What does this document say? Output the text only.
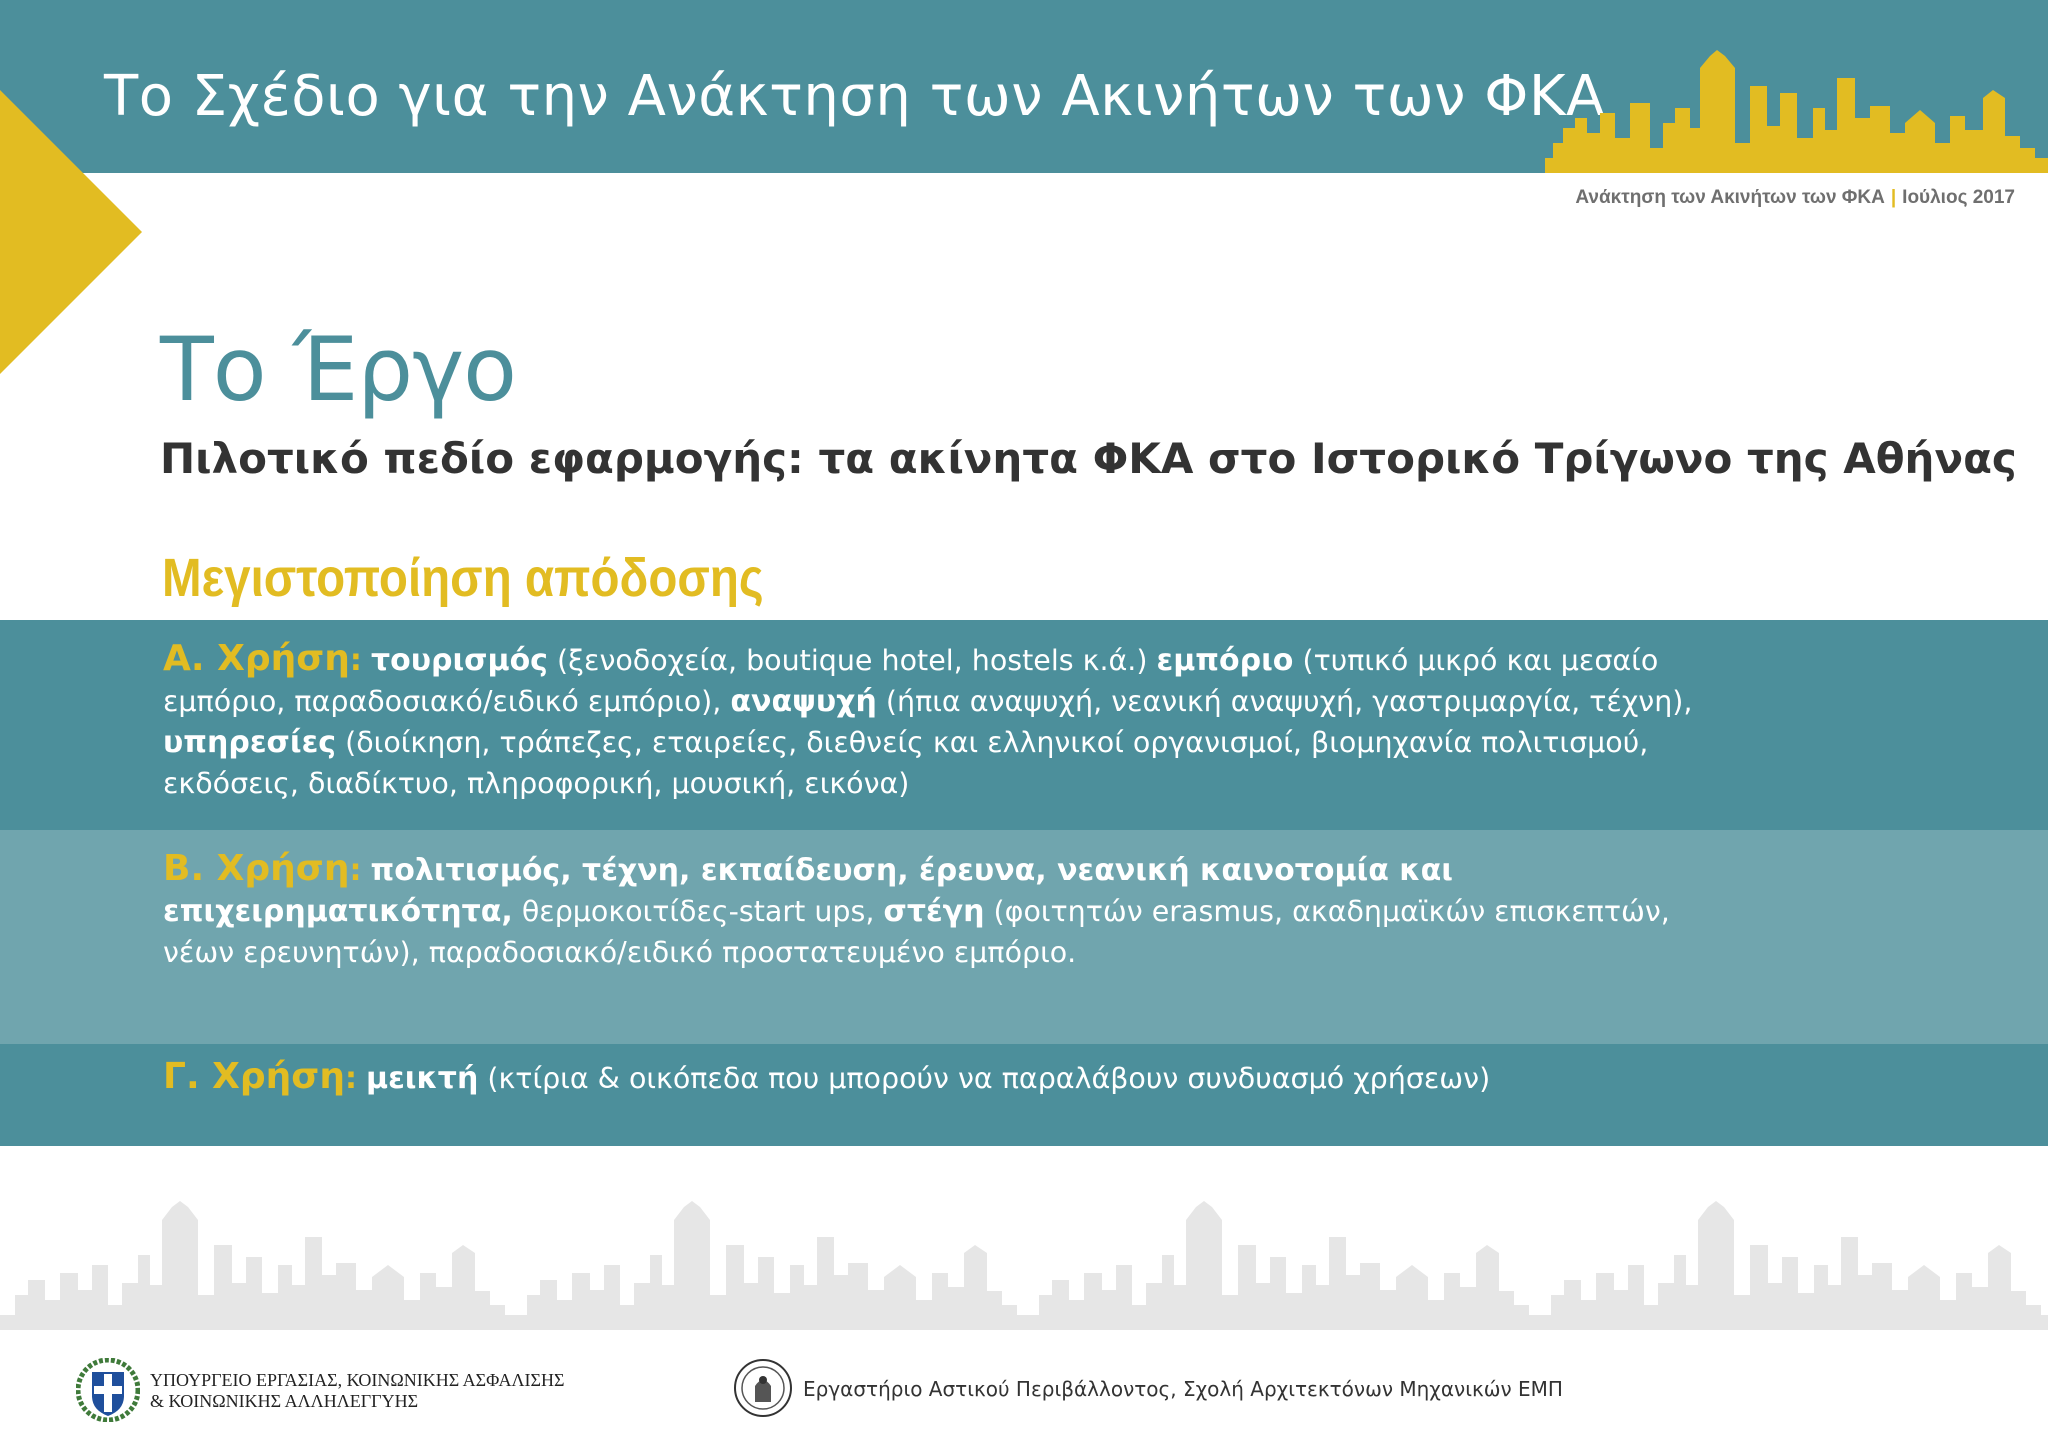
Το Σχέδιο για την Ανάκτηση των Ακινήτων των ΦΚΑ
Ανάκτηση των Ακινήτων των ΦΚΑ | Ιούλιος 2017
Το Έργο
Πιλοτικό πεδίο εφαρμογής: τα ακίνητα ΦΚΑ στο Ιστορικό Τρίγωνο της Αθήνας
Μεγιστοποίηση απόδοσης
Α. Χρήση: τουρισμός (ξενοδοχεία, boutique hotel, hostels κ.ά.) εμπόριο (τυπικό μικρό και μεσαίο εμπόριο, παραδοσιακό/ειδικό εμπόριο), αναψυχή (ήπια αναψυχή, νεανική αναψυχή, γαστριμαργία, τέχνη), υπηρεσίες (διοίκηση, τράπεζες, εταιρείες, διεθνείς και ελληνικοί οργανισμοί, βιομηχανία πολιτισμού, εκδόσεις, διαδίκτυο, πληροφορική, μουσική, εικόνα)
Β. Χρήση: πολιτισμός, τέχνη, εκπαίδευση, έρευνα, νεανική καινοτομία και επιχειρηματικότητα, θερμοκοιτίδες-start ups, στέγη (φοιτητών erasmus, ακαδημαϊκών επισκεπτών, νέων ερευνητών), παραδοσιακό/ειδικό προστατευμένο εμπόριο.
Γ. Χρήση: μεικτή (κτίρια & οικόπεδα που μπορούν να παραλάβουν συνδυασμό χρήσεων)
ΥΠΟΥΡΓΕΙΟ ΕΡΓΑΣΙΑΣ, ΚΟΙΝΩΝΙΚΗΣ ΑΣΦΑΛΙΣΗΣ
& ΚΟΙΝΩΝΙΚΗΣ ΑΛΛΗΛΕΓΓΥΗΣ	Εργαστήριο Αστικού Περιβάλλοντος, Σχολή Αρχιτεκτόνων Μηχανικών ΕΜΠ
